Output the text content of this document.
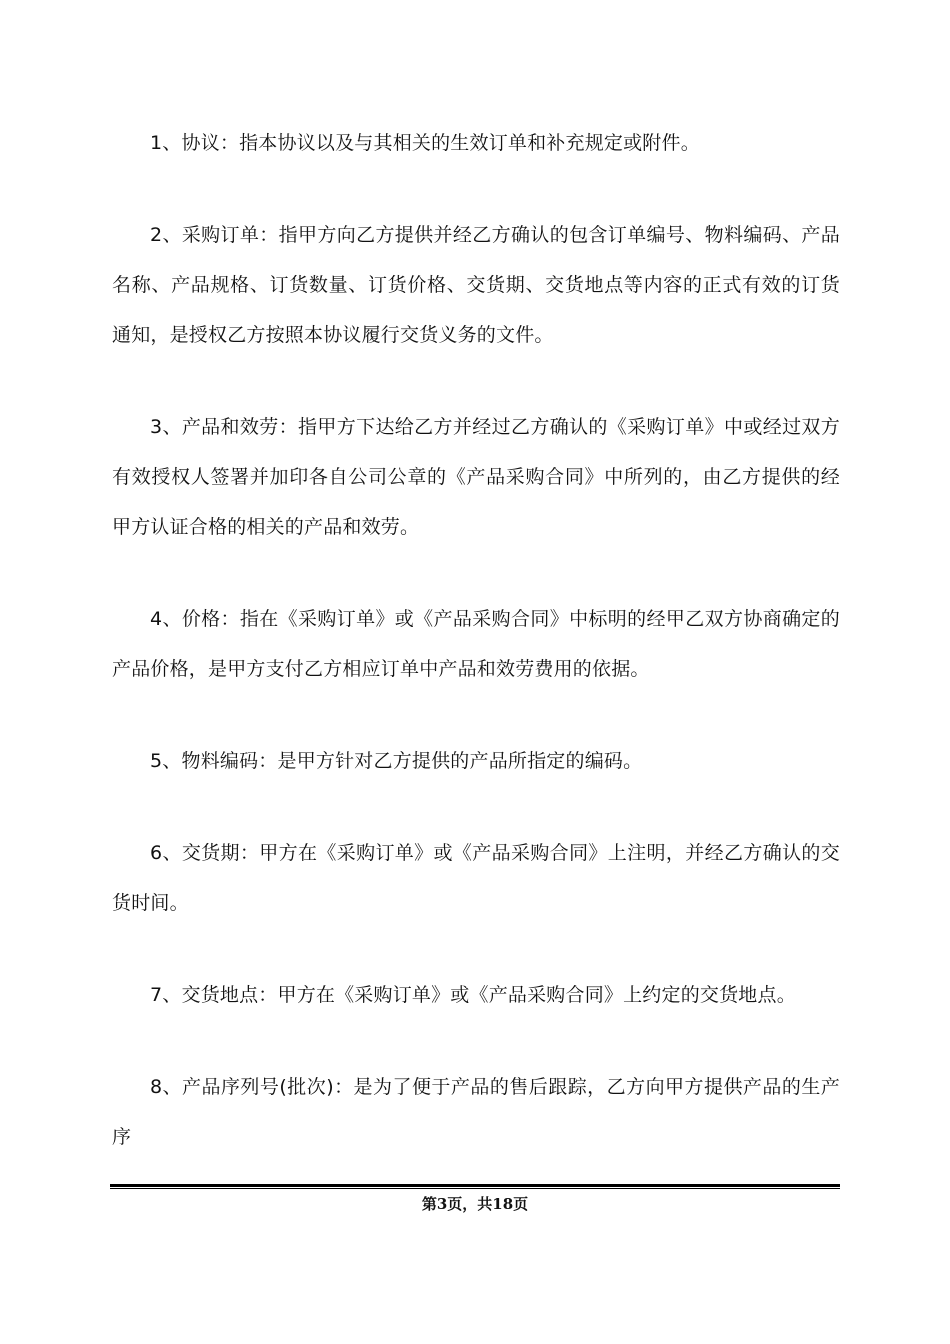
1、协议：指本协议以及与其相关的生效订单和补充规定或附件。

2、采购订单：指甲方向乙方提供并经乙方确认的包含订单编号、物料编码、产品名称、产品规格、订货数量、订货价格、交货期、交货地点等内容的正式有效的订货通知，是授权乙方按照本协议履行交货义务的文件。

3、产品和效劳：指甲方下达给乙方并经过乙方确认的《采购订单》中或经过双方有效授权人签署并加印各自公司公章的《产品采购合同》中所列的，由乙方提供的经甲方认证合格的相关的产品和效劳。

4、价格：指在《采购订单》或《产品采购合同》中标明的经甲乙双方协商确定的产品价格，是甲方支付乙方相应订单中产品和效劳费用的依据。

5、物料编码：是甲方针对乙方提供的产品所指定的编码。

6、交货期：甲方在《采购订单》或《产品采购合同》上注明，并经乙方确认的交货时间。

7、交货地点：甲方在《采购订单》或《产品采购合同》上约定的交货地点。

8、产品序列号(批次)：是为了便于产品的售后跟踪，乙方向甲方提供产品的生产序

第3页，共18页
